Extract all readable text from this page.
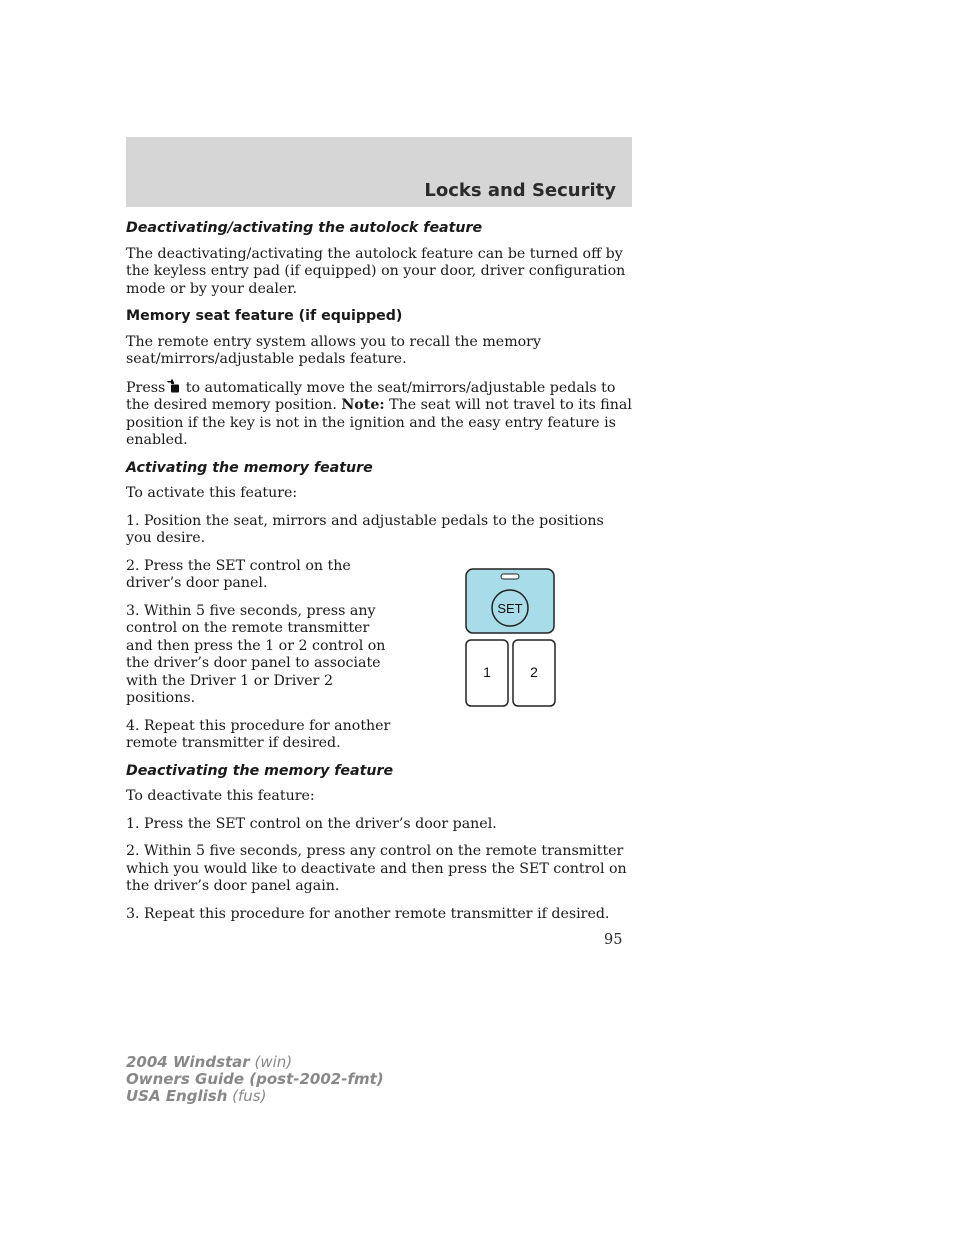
Locks and Security
Deactivating/activating the autolock feature

The deactivating/activating the autolock feature can be turned off by the keyless entry pad (if equipped) on your door, driver configuration mode or by your dealer.

Memory seat feature (if equipped)

The remote entry system allows you to recall the memory seat/mirrors/adjustable pedals feature.

Press to automatically move the seat/mirrors/adjustable pedals to the desired memory position. Note: The seat will not travel to its final position if the key is not in the ignition and the easy entry feature is enabled.

Activating the memory feature

To activate this feature:

1. Position the seat, mirrors and adjustable pedals to the positions you desire.

2. Press the SET control on the driver’s door panel.

3. Within 5 five seconds, press any control on the remote transmitter and then press the 1 or 2 control on the driver’s door panel to associate with the Driver 1 or Driver 2 positions.

4. Repeat this procedure for another remote transmitter if desired.

SET
1	2
Deactivating the memory feature

To deactivate this feature:

1. Press the SET control on the driver’s door panel.

2. Within 5 five seconds, press any control on the remote transmitter which you would like to deactivate and then press the SET control on the driver’s door panel again.

3. Repeat this procedure for another remote transmitter if desired.

95
2004 Windstar (win)
Owners Guide (post-2002-fmt)
USA English (fus)
